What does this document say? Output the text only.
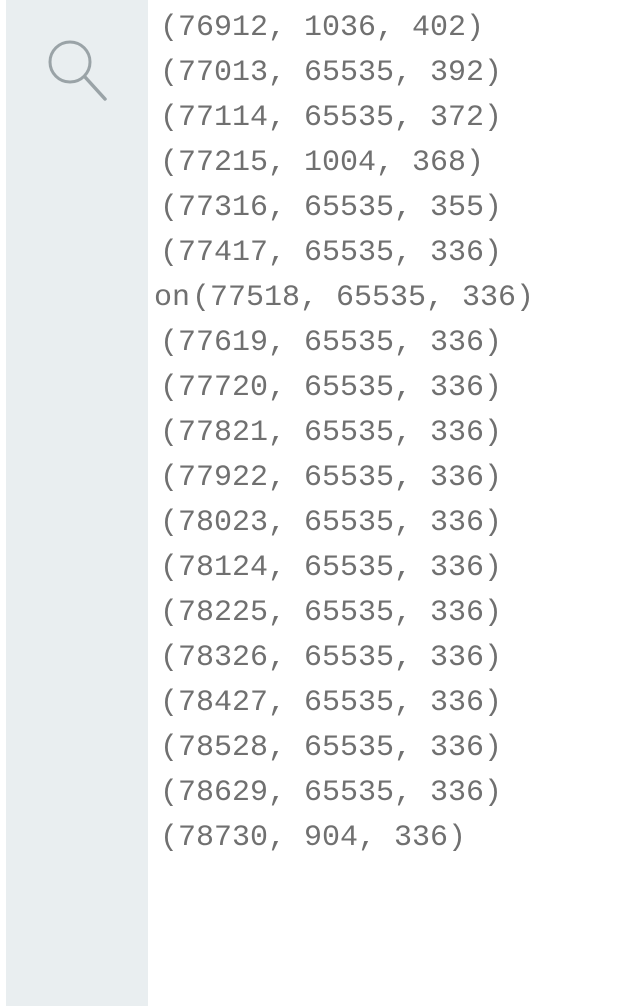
(76912, 1036, 402)
(77013, 65535, 392)
(77114, 65535, 372)
(77215, 1004, 368)
(77316, 65535, 355)
(77417, 65535, 336)
on(77518, 65535, 336)
(77619, 65535, 336)
(77720, 65535, 336)
(77821, 65535, 336)
(77922, 65535, 336)
(78023, 65535, 336)
(78124, 65535, 336)
(78225, 65535, 336)
(78326, 65535, 336)
(78427, 65535, 336)
(78528, 65535, 336)
(78629, 65535, 336)
(78730, 904, 336)
